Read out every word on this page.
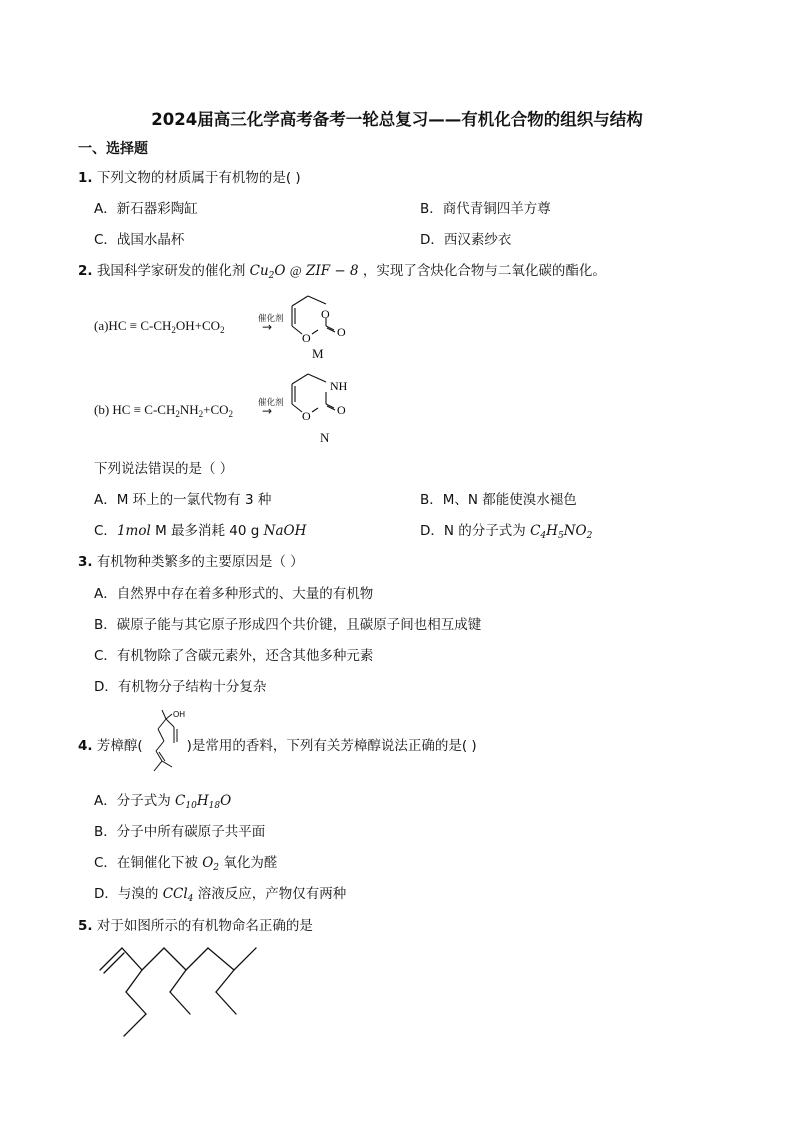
2024届高三化学高考备考一轮总复习——有机化合物的组织与结构
一、选择题
1. 下列文物的材质属于有机物的是( )
A．新石器彩陶缸	B．商代青铜四羊方尊
C．战国水晶杯	D．西汉素纱衣
2. 我国科学家研发的催化剂 $Cu_2O$ @ ZIF − 8 ，实现了含炔化合物与二氧化碳的酯化。
$(a)HC \equiv C-CH_2OH+CO_2$
催化剂
→
O
O O
M
(b) HC ≡ $C-CH_2NH_2+CO_2$
催化剂
→
NH
O O
N
下列说法错误的是（ ）
A．M 环上的一氯代物有 3 种	B．M、N 都能使溴水褪色
C．1mol M 最多消耗 40 g NaOH	D．N 的分子式为 $C_4H_5NO_2$
3. 有机物种类繁多的主要原因是（ ）
A．自然界中存在着多种形式的、大量的有机物
B．碳原子能与其它原子形成四个共价键，且碳原子间也相互成键
C．有机物除了含碳元素外，还含其他多种元素
D．有机物分子结构十分复杂
4. 芳樟醇(	)是常用的香料，下列有关芳樟醇说法正确的是( )
OH
A．分子式为 $C_{10}H_{18}O$
B．分子中所有碳原子共平面
C．在铜催化下被 $O_2$ 氧化为醛
D．与溴的 CCl$_4$ 溶液反应，产物仅有两种
5. 对于如图所示的有机物命名正确的是
